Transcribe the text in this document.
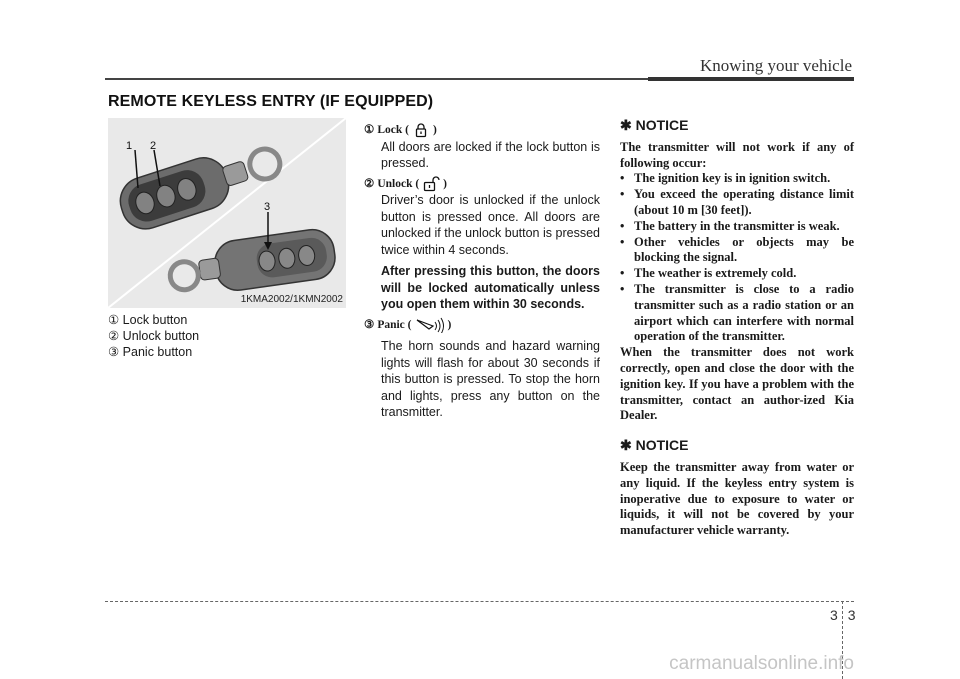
Knowing your vehicle
REMOTE KEYLESS ENTRY (IF EQUIPPED)
1 2
3
1KMA2002/1KMN2002
① Lock button
② Unlock button
③ Panic button
① Lock ( )
All doors are locked if the lock button is pressed.
② Unlock ( )
Driver’s door is unlocked if the unlock button is pressed once. All doors are unlocked if the unlock button is pressed twice within 4 seconds.
After pressing this button, the doors will be locked automatically unless you open them within 30 seconds.
③ Panic (	)
The horn sounds and hazard warning lights will flash for about 30 seconds if this button is pressed. To stop the horn and lights, press any button on the transmitter.
✱ NOTICE

The transmitter will not work if any of following occur:

• The ignition key is in ignition switch.
• You exceed the operating distance limit (about 10 m [30 feet]).
• The battery in the transmitter is weak.
• Other vehicles or objects may be blocking the signal.
• The weather is extremely cold.
• The transmitter is close to a radio transmitter such as a radio station or an airport which can interfere with normal operation of the transmitter.

When the transmitter does not work correctly, open and close the door with the ignition key. If you have a problem with the transmitter, contact an author-ized Kia Dealer.

✱ NOTICE

Keep the transmitter away from water or any liquid. If the keyless entry system is inoperative due to exposure to water or liquids, it will not be covered by your manufacturer vehicle warranty.

33
carmanualsonline.info
